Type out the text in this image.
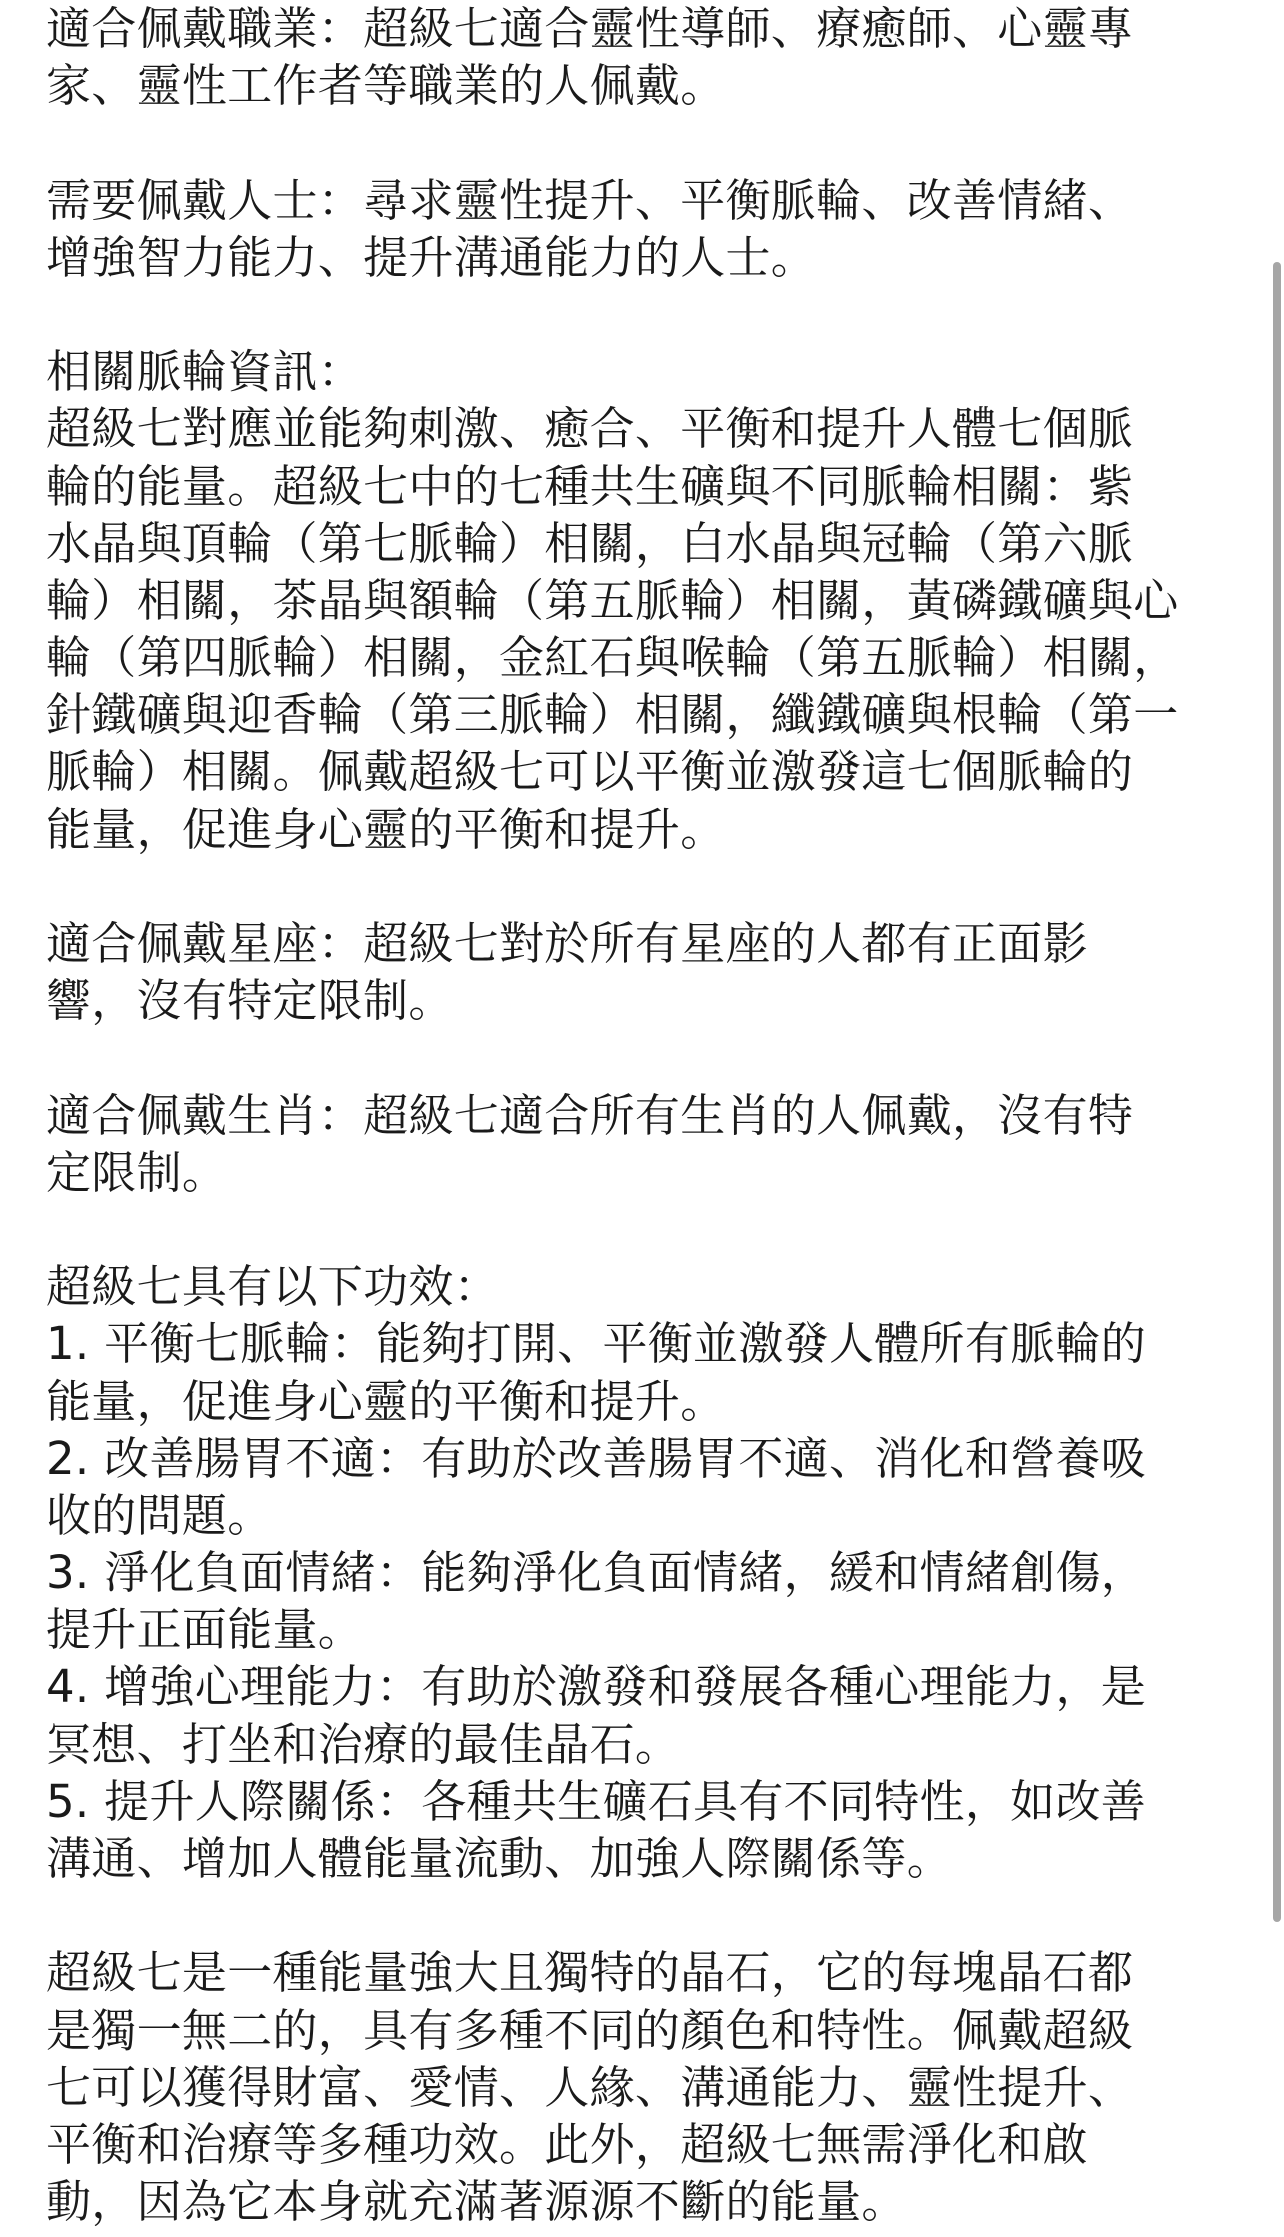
適合佩戴職業：超級七適合靈性導師、療癒師、心靈專
家、靈性工作者等職業的人佩戴。
需要佩戴人士：尋求靈性提升、平衡脈輪、改善情緒、
增強智力能力、提升溝通能力的人士。
相關脈輪資訊：
超級七對應並能夠刺激、癒合、平衡和提升人體七個脈
輪的能量。超級七中的七種共生礦與不同脈輪相關：紫
水晶與頂輪（第七脈輪）相關，白水晶與冠輪（第六脈
輪）相關，茶晶與額輪（第五脈輪）相關，黃磷鐵礦與心
輪（第四脈輪）相關，金紅石與喉輪（第五脈輪）相關，
針鐵礦與迎香輪（第三脈輪）相關，纖鐵礦與根輪（第一
脈輪）相關。佩戴超級七可以平衡並激發這七個脈輪的
能量，促進身心靈的平衡和提升。
適合佩戴星座：超級七對於所有星座的人都有正面影
響，沒有特定限制。
適合佩戴生肖：超級七適合所有生肖的人佩戴，沒有特
定限制。
超級七具有以下功效：
1. 平衡七脈輪：能夠打開、平衡並激發人體所有脈輪的
能量，促進身心靈的平衡和提升。
2. 改善腸胃不適：有助於改善腸胃不適、消化和營養吸
收的問題。
3. 淨化負面情緒：能夠淨化負面情緒，緩和情緒創傷，
提升正面能量。
4. 增強心理能力：有助於激發和發展各種心理能力，是
冥想、打坐和治療的最佳晶石。
5. 提升人際關係：各種共生礦石具有不同特性，如改善
溝通、增加人體能量流動、加強人際關係等。
超級七是一種能量強大且獨特的晶石，它的每塊晶石都
是獨一無二的，具有多種不同的顏色和特性。佩戴超級
七可以獲得財富、愛情、人緣、溝通能力、靈性提升、
平衡和治療等多種功效。此外，超級七無需淨化和啟
動，因為它本身就充滿著源源不斷的能量。
